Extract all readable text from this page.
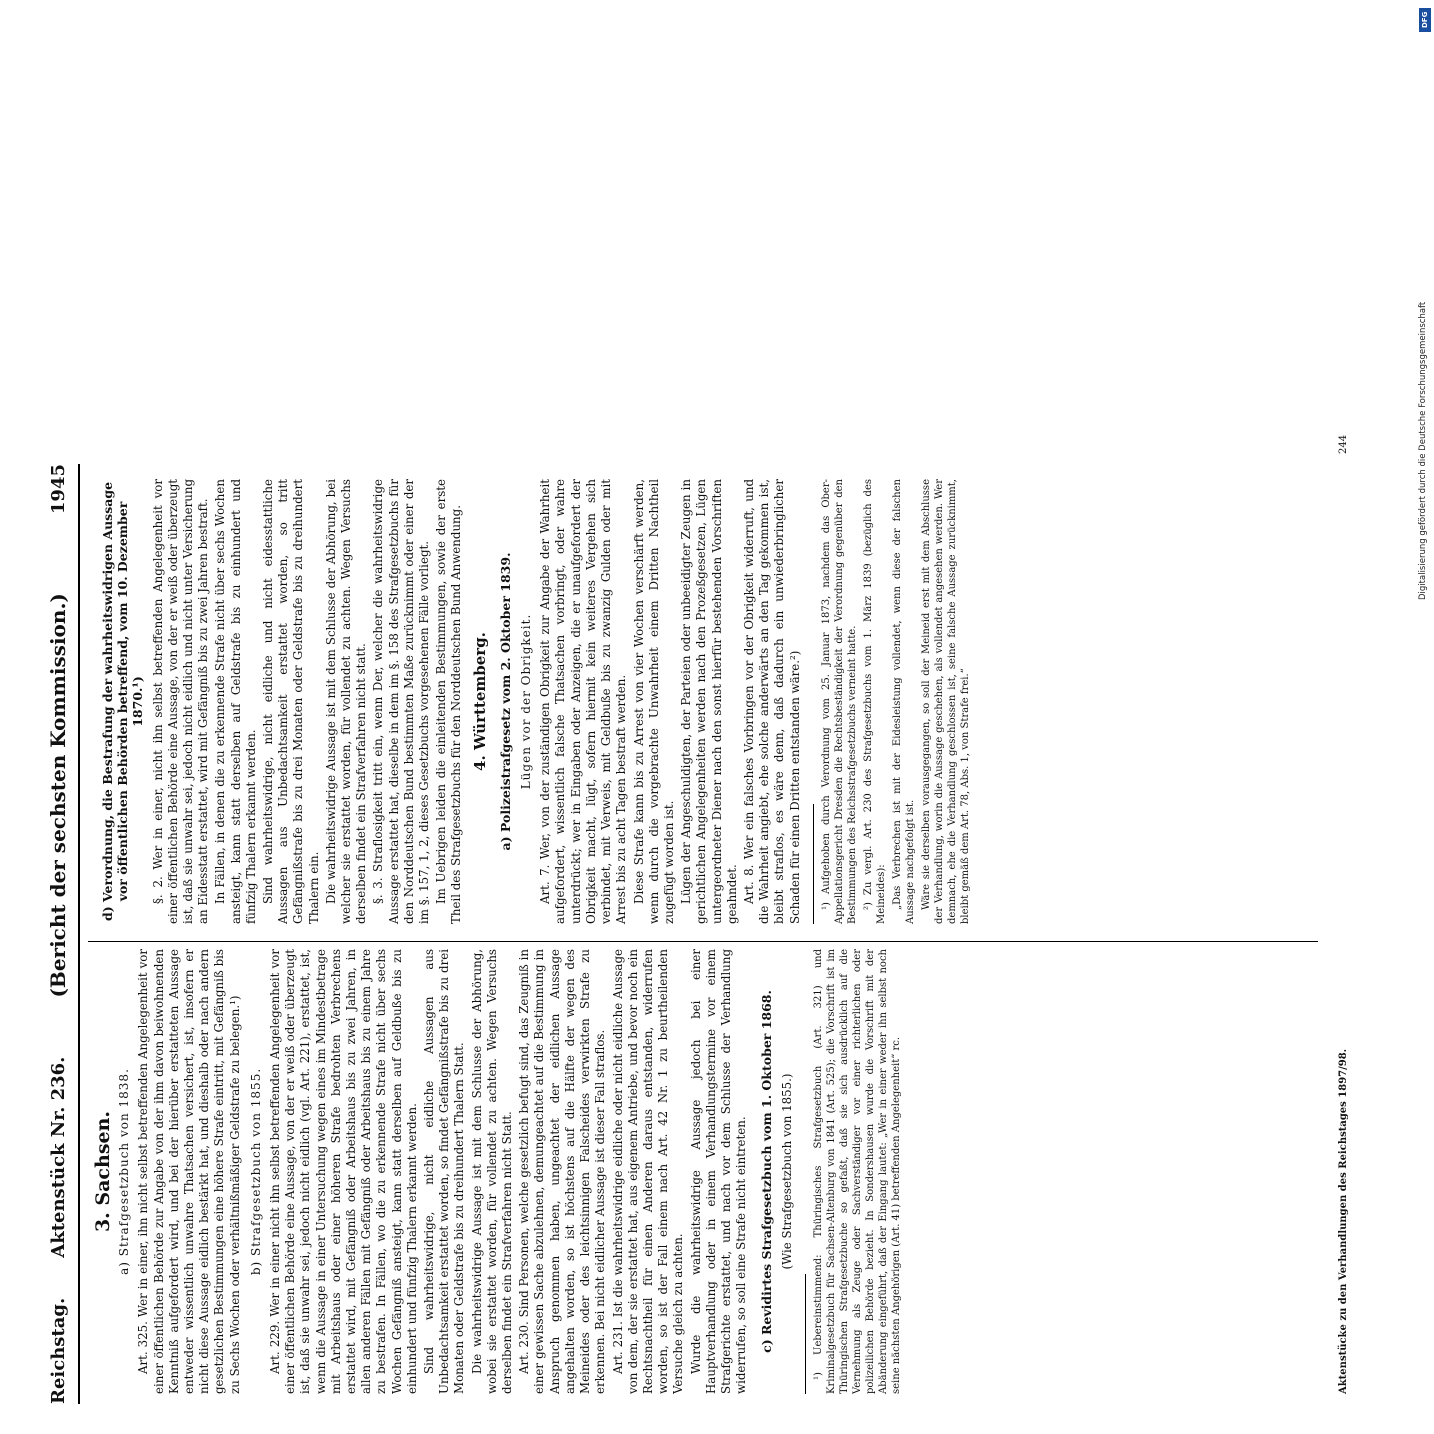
Reichstag.
Aktenstück Nr. 236.
(Bericht der sechsten Kommission.)
1945
3. Sachsen. a) Strafgesetzbuch von 1838. Art. 325. Wer in einer, ihn nicht selbst betreffenden Angelegenheit vor einer öffentlichen Behörde zur Angabe von der ihm davon beiwohnenden Kenntniß aufgefordert wird, und bei der hierüber erstatteten Aussage entweder wissentlich unwahre Thatsachen versichert, ist, insofern er nicht diese Aussage eidlich bestärkt hat, und dieshalb oder nach andern gesetzlichen Bestimmungen eine höhere Strafe eintritt, mit Gefängniß bis zu Sechs Wochen oder verhältnißmäßiger Geldstrafe zu belegen.¹) b) Strafgesetzbuch von 1855. Art. 229. Wer in einer nicht ihn selbst betreffenden Angelegenheit vor einer öffentlichen Behörde eine Aussage, von der er weiß oder überzeugt ist, daß sie unwahr sei, jedoch nicht eidlich (vgl. Art. 221), erstattet, ist, wenn die Aussage in einer Untersuchung wegen eines im Mindestbetrage mit Arbeitshaus oder einer höheren Strafe bedrohten Verbrechens erstattet wird, mit Gefängniß oder Arbeitshaus bis zu zwei Jahren, in allen anderen Fällen mit Gefängniß oder Arbeitshaus bis zu einem Jahre zu bestrafen. In Fällen, wo die zu erkennende Strafe nicht über sechs Wochen Gefängniß ansteigt, kann statt derselben auf Geldbuße bis zu einhundert und fünfzig Thalern erkannt werden. Sind wahrheitswidrige, nicht eidliche Aussagen aus Unbedachtsamkeit erstattet worden, so findet Gefängnißstrafe bis zu drei Monaten oder Geldstrafe bis zu dreihundert Thalern Statt. Die wahrheitswidrige Aussage ist mit dem Schlusse der Abhörung, wobei sie erstattet worden, für vollendet zu achten. Wegen Versuchs derselben findet ein Strafverfahren nicht Statt. Art. 230. Sind Personen, welche gesetzlich befugt sind, das Zeugniß in einer gewissen Sache abzulehnen, demungeachtet auf die Bestimmung in Anspruch genommen haben, ungeachtet der eidlichen Aussage angehalten worden, so ist höchstens auf die Hälfte der wegen des Meineides oder des leichtsinnigen Falscheides verwirkten Strafe zu erkennen. Bei nicht eidlicher Aussage ist dieser Fall straflos. Art. 231. Ist die wahrheitswidrige eidliche oder nicht eidliche Aussage von dem, der sie erstattet hat, aus eigenem Antriebe, und bevor noch ein Rechtsnachtheil für einen Anderen daraus entstanden, widerrufen worden, so ist der Fall einem nach Art. 42 Nr. 1 zu beurtheilenden Versuche gleich zu achten. Wurde die wahrheitswidrige Aussage jedoch bei einer Hauptverhandlung oder in einem Verhandlungstermine vor einem Strafgerichte erstattet, und nach vor dem Schlusse der Verhandlung widerrufen, so soll eine Strafe nicht eintreten. c) Revidirtes Strafgesetzbuch vom 1. Oktober 1868. (Wie Strafgesetzbuch von 1855.) ¹) Uebereinstimmend: Thüringisches Strafgesetzbuch (Art. 321) und Kriminalgesetzbuch für Sachsen-Altenburg von 1841 (Art. 525); die Vorschrift ist im Thüringischen Strafgesetzbuche so gefaßt, daß sie sich ausdrücklich auf die Vernehmung als Zeuge oder Sachverständiger vor einer richterlichen oder polizeilichen Behörde bezieht. In Sondershausen wurde die Vorschrift mit der Abänderung eingeführt, daß der Eingang lautet: „Wer in einer weder ihn selbst noch seine nächsten Angehörigen (Art. 41) betreffenden Angelegenheit“ rc.

d) Verordnung, die Bestrafung der wahrheitswidrigen Aussage vor öffentlichen Behörden betreffend, vom 10. Dezember 1870.¹) §. 2. Wer in einer, nicht ihn selbst betreffenden Angelegenheit vor einer öffentlichen Behörde eine Aussage, von der er weiß oder überzeugt ist, daß sie unwahr sei, jedoch nicht eidlich und nicht unter Versicherung an Eidesstatt erstattet, wird mit Gefängniß bis zu zwei Jahren bestraft. In Fällen, in denen die zu erkennende Strafe nicht über sechs Wochen ansteigt, kann statt derselben auf Geldstrafe bis zu einhundert und fünfzig Thalern erkannt werden. Sind wahrheitswidrige, nicht eidliche und nicht eidesstattliche Aussagen aus Unbedachtsamkeit erstattet worden, so tritt Gefängnißstrafe bis zu drei Monaten oder Geldstrafe bis zu dreihundert Thalern ein. Die wahrheitswidrige Aussage ist mit dem Schlusse der Abhörung, bei welcher sie erstattet worden, für vollendet zu achten. Wegen Versuchs derselben findet ein Strafverfahren nicht statt. §. 3. Straflosigkeit tritt ein, wenn Der, welcher die wahrheitswidrige Aussage erstattet hat, dieselbe in dem im §. 158 des Strafgesetzbuchs für den Norddeutschen Bund bestimmten Maße zurücknimmt oder einer der im §. 157, 1, 2, dieses Gesetzbuchs vorgesehenen Fälle vorliegt. Im Uebrigen leiden die einleitenden Bestimmungen, sowie der erste Theil des Strafgesetzbuchs für den Norddeutschen Bund Anwendung. 4. Württemberg. a) Polizeistrafgesetz vom 2. Oktober 1839. Lügen vor der Obrigkeit. Art. 7. Wer, von der zuständigen Obrigkeit zur Angabe der Wahrheit aufgefordert, wissentlich falsche Thatsachen vorbringt, oder wahre unterdrückt; wer in Eingaben oder Anzeigen, die er unaufgefordert der Obrigkeit macht, lügt, sofern hiermit kein weiteres Vergehen sich verbindet, mit Verweis, mit Geldbuße bis zu zwanzig Gulden oder mit Arrest bis zu acht Tagen bestraft werden. Diese Strafe kann bis zu Arrest von vier Wochen verschärft werden, wenn durch die vorgebrachte Unwahrheit einem Dritten Nachtheil zugefügt worden ist. Lügen der Angeschuldigten, der Parteien oder unbeeidigter Zeugen in gerichtlichen Angelegenheiten werden nach den Prozeßgesetzen, Lügen untergeordneter Diener nach den sonst hierfür bestehenden Vorschriften geahndet. Art. 8. Wer ein falsches Vorbringen vor der Obrigkeit widerruft, und die Wahrheit angiebt, ehe solche anderwärts an den Tag gekommen ist, bleibt straflos, es wäre denn, daß dadurch ein unwiederbringlicher Schaden für einen Dritten entstanden wäre.²) ¹) Aufgehoben durch Verordnung vom 25. Januar 1873, nachdem das Ober-Appellationsgericht Dresden die Rechtsbeständigkeit der Verordnung gegenüber den Bestimmungen des Reichsstrafgesetzbuchs verneint hatte. ²) Zu vergl. Art. 230 des Strafgesetzbuchs vom 1. März 1839 (bezüglich des Meineides): „Das Verbrechen ist mit der Eidesleistung vollendet, wenn diese der falschen Aussage nachgefolgt ist. Wäre sie derselben vorausgegangen, so soll der Meineid erst mit dem Abschlusse der Verhandlung, worin die Aussage geschehen, als vollendet angesehen werden. Wer demnach, ehe die Verhandlung geschlossen ist, seine falsche Aussage zurücknimmt, bleibt gemäß dem Art. 78, Abs. 1, von Strafe frei.“

Aktenstücke zu den Verhandlungen des Reichstages 1897/98.
244	Digitalisierung gefördert durch die Deutsche Forschungsgemeinschaft
DFG
